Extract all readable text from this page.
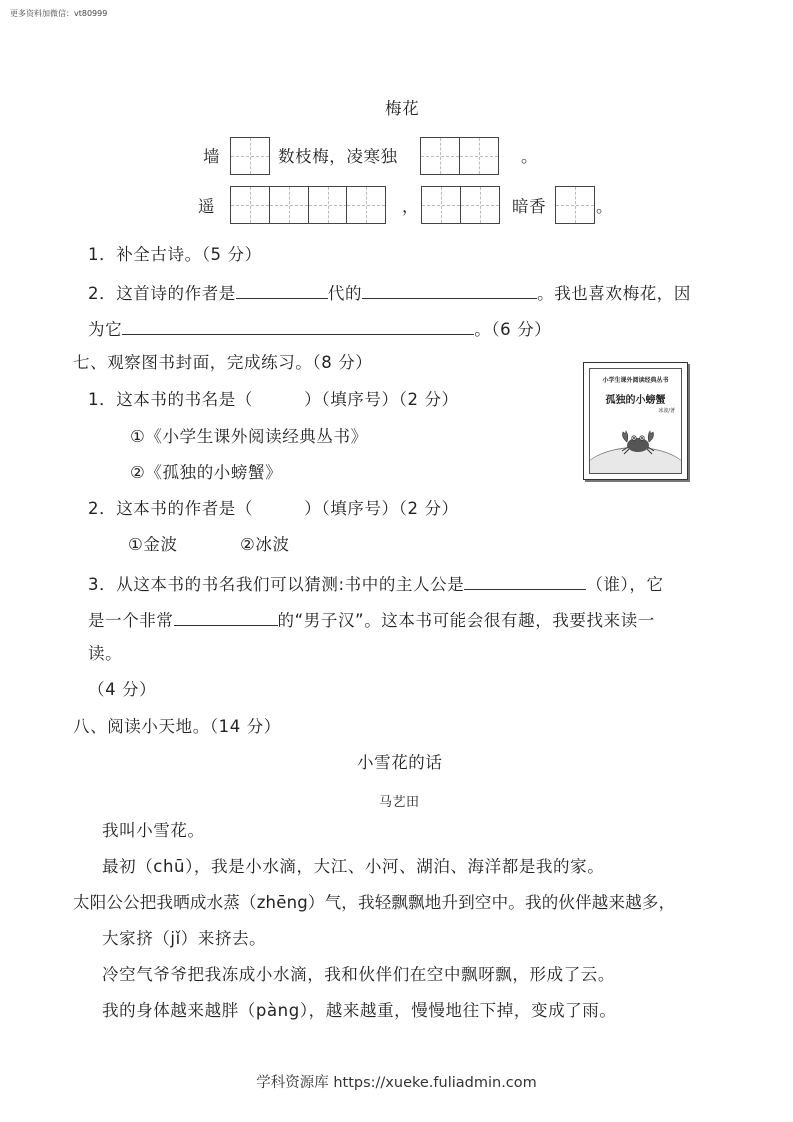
更多资料加微信：vt80999
梅花
墙	数枝梅，凌寒独	。
遥	，	暗香	。
1．补全古诗。（5 分）
2．这首诗的作者是	代的	。我也喜欢梅花，因
为它	。（6 分）
七、观察图书封面，完成练习。（8 分）
1．这本书的书名是（　　　）（填序号）（2 分）
①《小学生课外阅读经典丛书》
②《孤独的小螃蟹》
2．这本书的作者是（　　　）（填序号）（2 分）
①金波	②冰波
3．从这本书的书名我们可以猜测:书中的主人公是	（谁），它
是一个非常	的“男子汉”。这本书可能会很有趣，我要找来读一
读。
（4 分）
小学生课外阅读经典丛书
孤独的小螃蟹
冰波/著
八、阅读小天地。（14 分）
小雪花的话
马艺田
我叫小雪花。
最初（chū），我是小水滴，大江、小河、湖泊、海洋都是我的家。
太阳公公把我晒成水蒸（zhēng）气，我轻飘飘地升到空中。我的伙伴越来越多，
大家挤（jǐ）来挤去。
冷空气爷爷把我冻成小水滴，我和伙伴们在空中飘呀飘，形成了云。
我的身体越来越胖（pàng），越来越重，慢慢地往下掉，变成了雨。
学科资源库 https://xueke.fuliadmin.com
